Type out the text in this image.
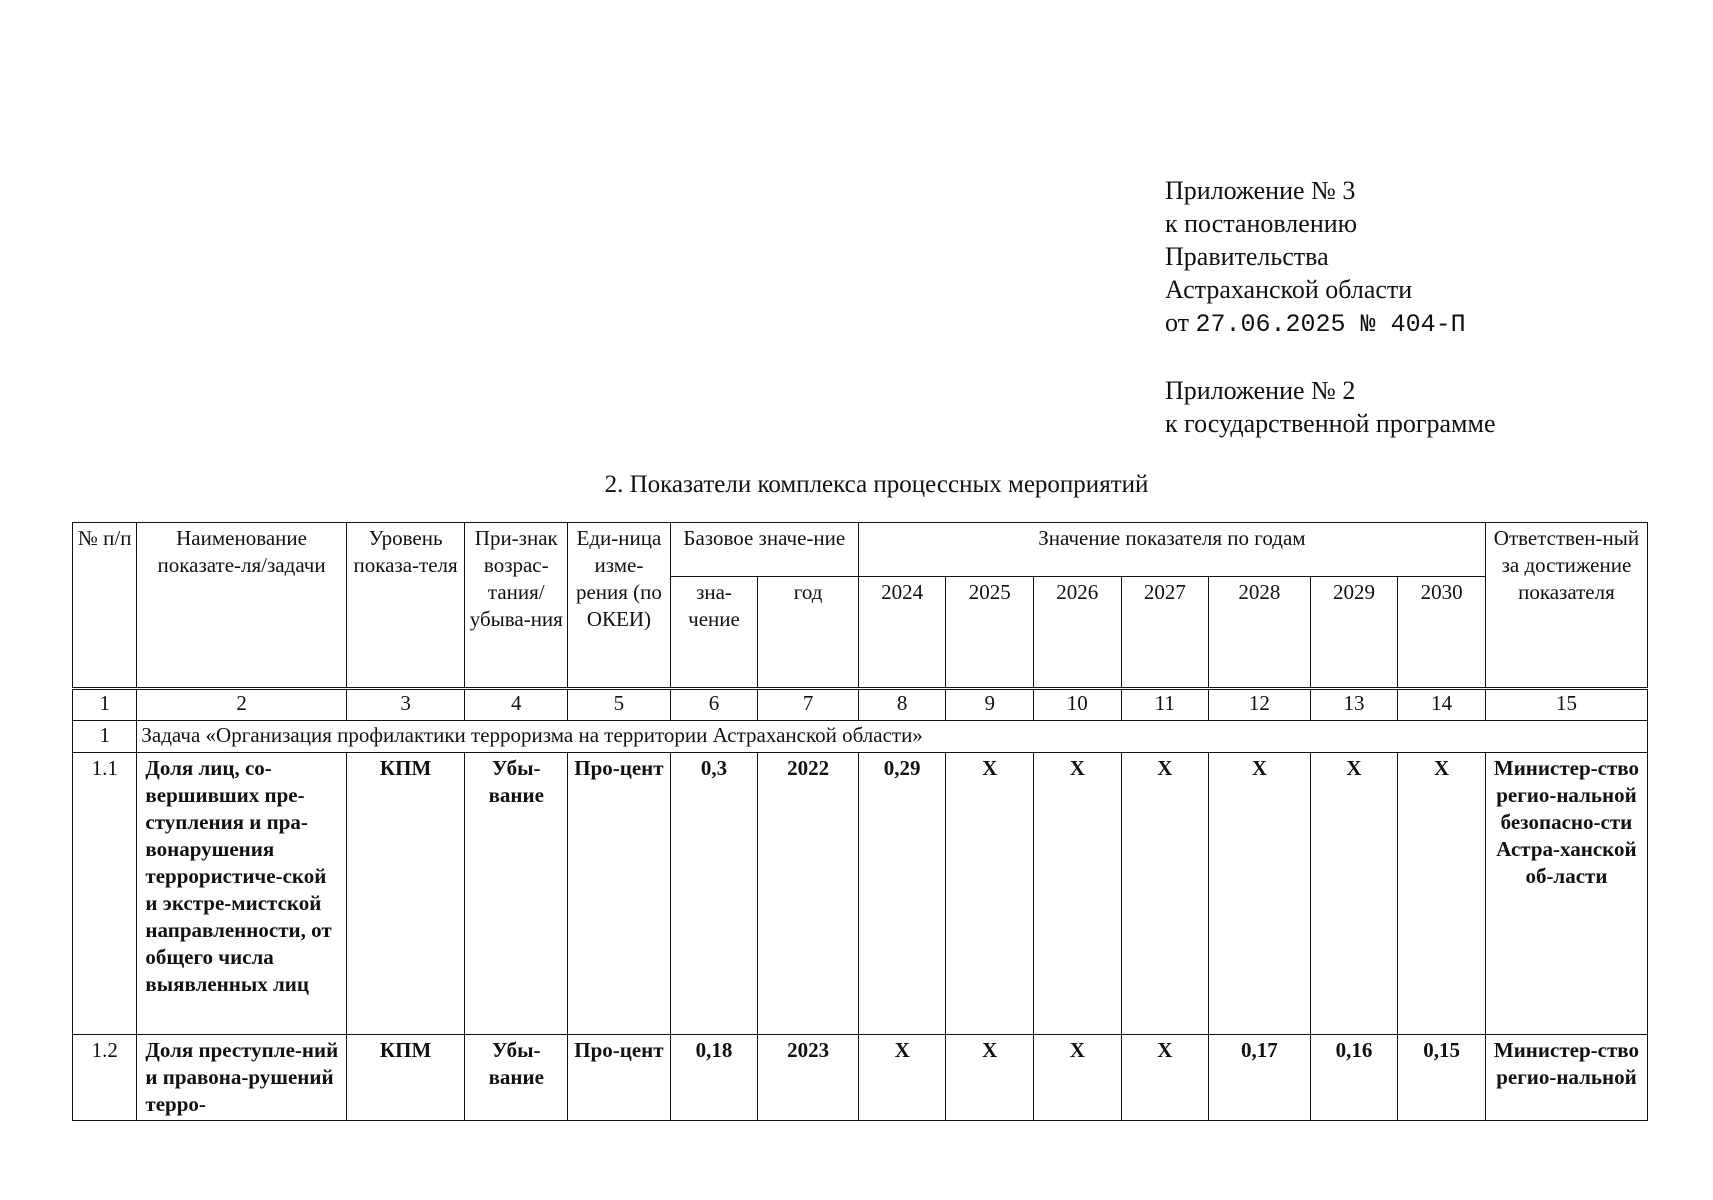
Приложение № 3
к постановлению
Правительства
Астраханской области
от 27.06.2025 № 404-П
Приложение № 2
к государственной программе
2. Показатели комплекса процессных мероприятий
№ п/п	Наименование показате-ля/задачи	Уровень показа-теля	При-знак возрас-тания/ убыва-ния	Еди-ница изме-рения (по ОКЕИ)	Базовое значе-ние		Значение показателя по годам							Ответствен-ный за достижение показателя
					зна-чение	год	2024	2025	2026	2027	2028	2029	2030	
1	2	3	4	5	6	7	8	9	10	11	12	13	14	15
1	Задача «Организация профилактики терроризма на территории Астраханской области»													
1.1	Доля лиц, со-вершивших пре-ступления и пра-вонарушения террористиче-ской и экстре-мистской направленности, от общего числа выявленных лиц	КПМ	Убы-вание	Про-цент	0,3	2022	0,29	X	X	X	X	X	X	Министер-ство регио-нальной безопасно-сти Астра-ханской об-ласти
1.2	Доля преступле-ний и правона-рушений терро-	КПМ	Убы-вание	Про-цент	0,18	2023	X	X	X	X	0,17	0,16	0,15	Министер-ство регио-нальной
